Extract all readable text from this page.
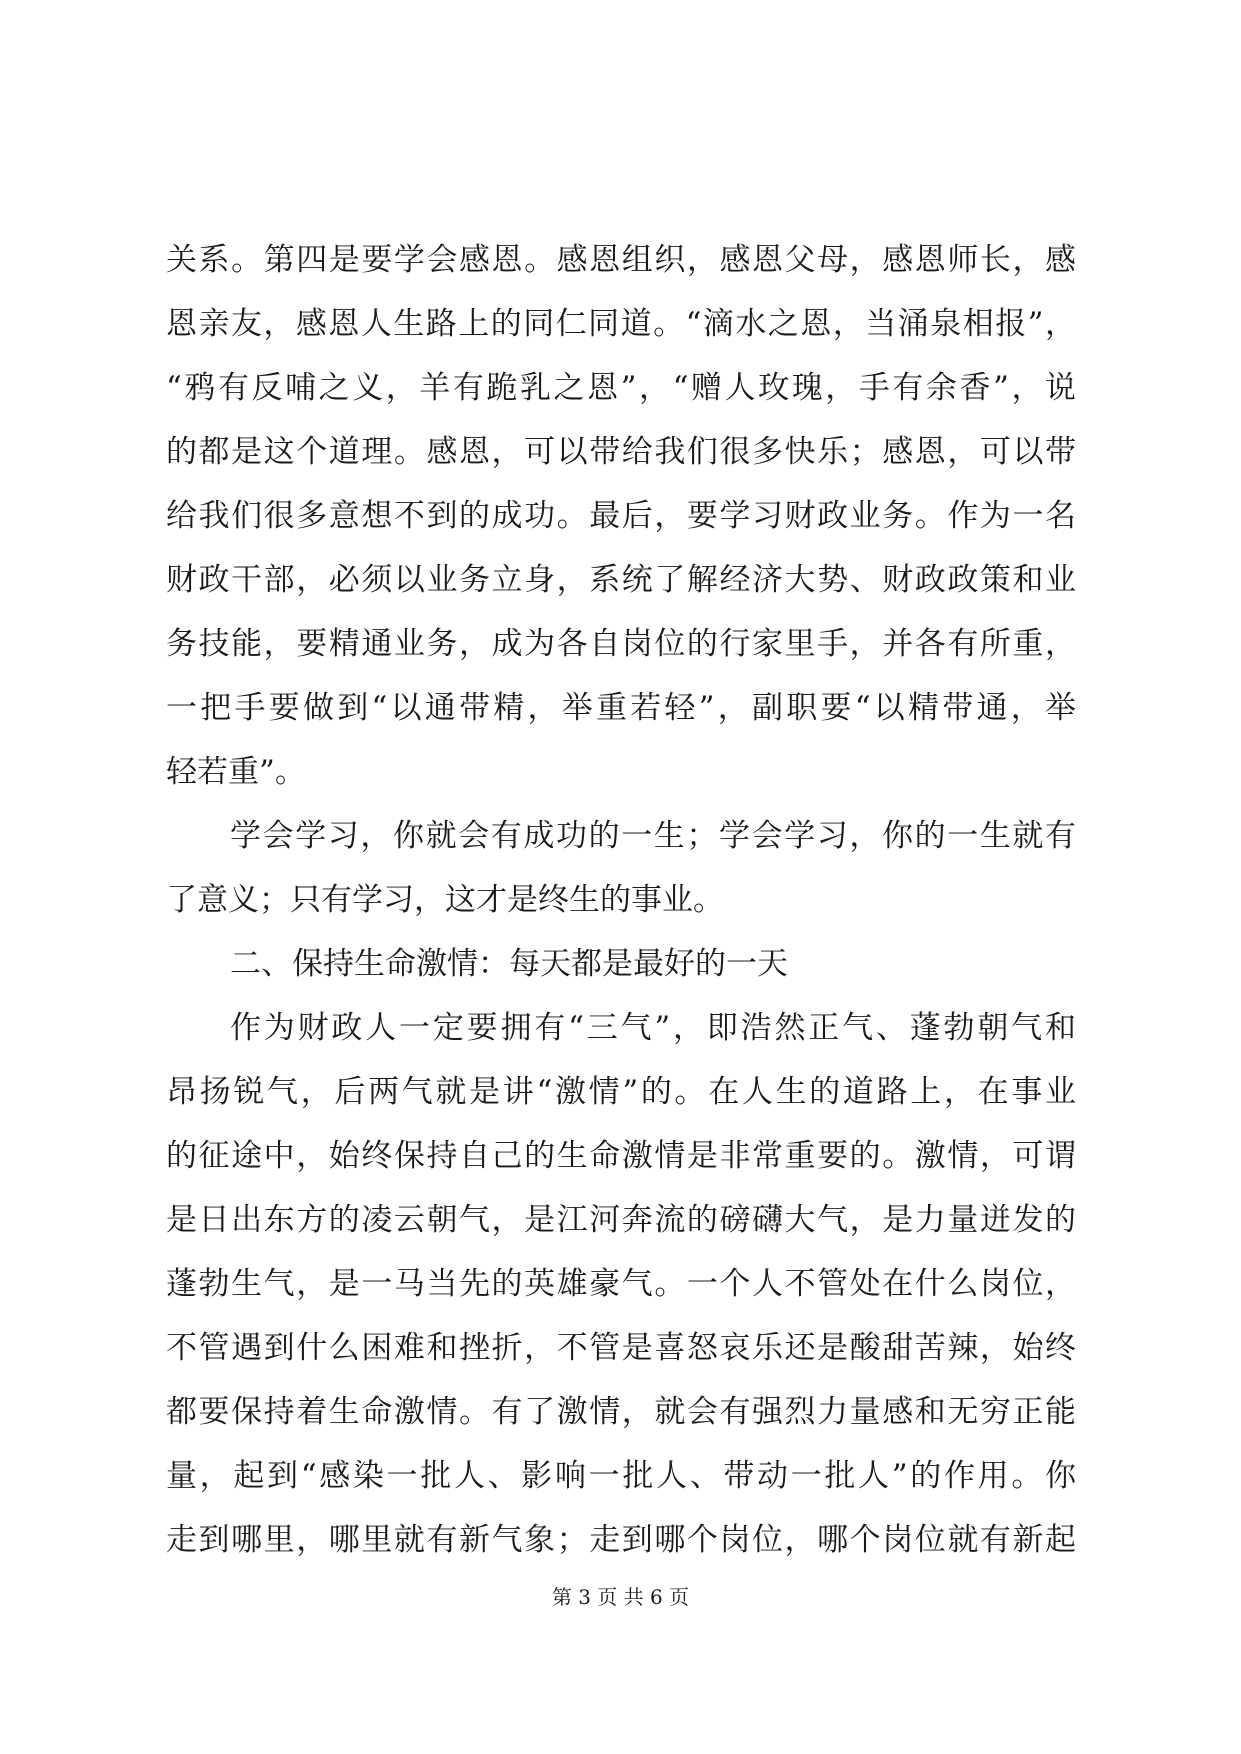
关系。第四是要学会感恩。感恩组织，感恩父母，感恩师长，感
恩亲友，感恩人生路上的同仁同道。“滴水之恩，当涌泉相报”，
“鸦有反哺之义，羊有跪乳之恩”，“赠人玫瑰，手有余香”，说
的都是这个道理。感恩，可以带给我们很多快乐；感恩，可以带
给我们很多意想不到的成功。最后，要学习财政业务。作为一名
财政干部，必须以业务立身，系统了解经济大势、财政政策和业
务技能，要精通业务，成为各自岗位的行家里手，并各有所重，
一把手要做到“以通带精，举重若轻”，副职要“以精带通，举
轻若重”。
学会学习，你就会有成功的一生；学会学习，你的一生就有
了意义；只有学习，这才是终生的事业。
二、保持生命激情：每天都是最好的一天
作为财政人一定要拥有“三气”，即浩然正气、蓬勃朝气和
昂扬锐气，后两气就是讲“激情”的。在人生的道路上，在事业
的征途中，始终保持自己的生命激情是非常重要的。激情，可谓
是日出东方的凌云朝气，是江河奔流的磅礴大气，是力量迸发的
蓬勃生气，是一马当先的英雄豪气。一个人不管处在什么岗位，
不管遇到什么困难和挫折，不管是喜怒哀乐还是酸甜苦辣，始终
都要保持着生命激情。有了激情，就会有强烈力量感和无穷正能
量，起到“感染一批人、影响一批人、带动一批人”的作用。你
走到哪里，哪里就有新气象；走到哪个岗位，哪个岗位就有新起
第 3 页 共 6 页
